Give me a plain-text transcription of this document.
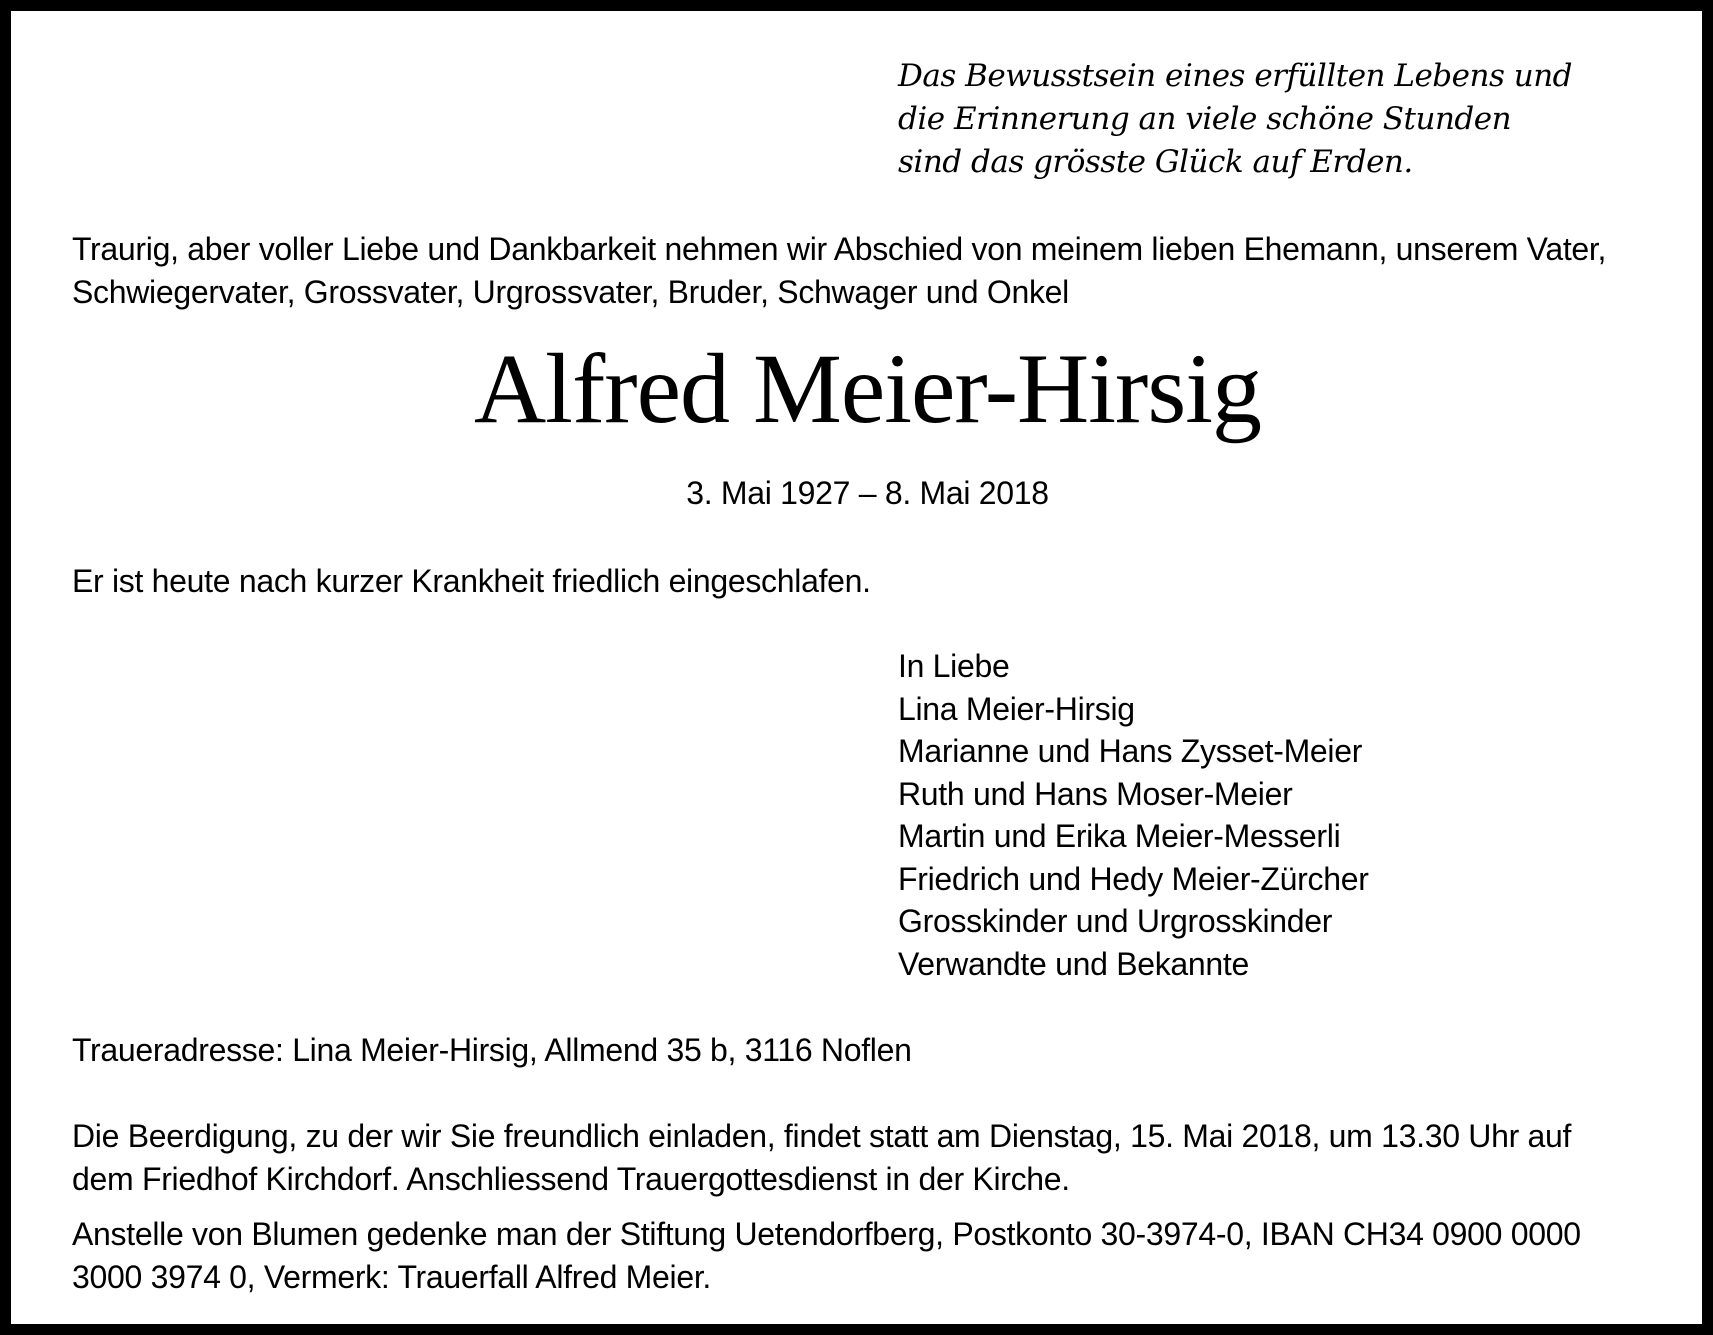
Das Bewusstsein eines erfüllten Lebens und
die Erinnerung an viele schöne Stunden
sind das grösste Glück auf Erden.
Traurig, aber voller Liebe und Dankbarkeit nehmen wir Abschied von meinem lieben Ehemann, unserem Vater,
Schwiegervater, Grossvater, Urgrossvater, Bruder, Schwager und Onkel
Alfred Meier-Hirsig
3. Mai 1927 – 8. Mai 2018
Er ist heute nach kurzer Krankheit friedlich eingeschlafen.
In Liebe
Lina Meier-Hirsig
Marianne und Hans Zysset-Meier
Ruth und Hans Moser-Meier
Martin und Erika Meier-Messerli
Friedrich und Hedy Meier-Zürcher
Grosskinder und Urgrosskinder
Verwandte und Bekannte
Traueradresse: Lina Meier-Hirsig, Allmend 35 b, 3116 Noflen
Die Beerdigung, zu der wir Sie freundlich einladen, findet statt am Dienstag, 15. Mai 2018, um 13.30 Uhr auf
dem Friedhof Kirchdorf. Anschliessend Trauergottesdienst in der Kirche.
Anstelle von Blumen gedenke man der Stiftung Uetendorfberg, Postkonto 30-3974-0, IBAN CH34 0900 0000
3000 3974 0, Vermerk: Trauerfall Alfred Meier.
